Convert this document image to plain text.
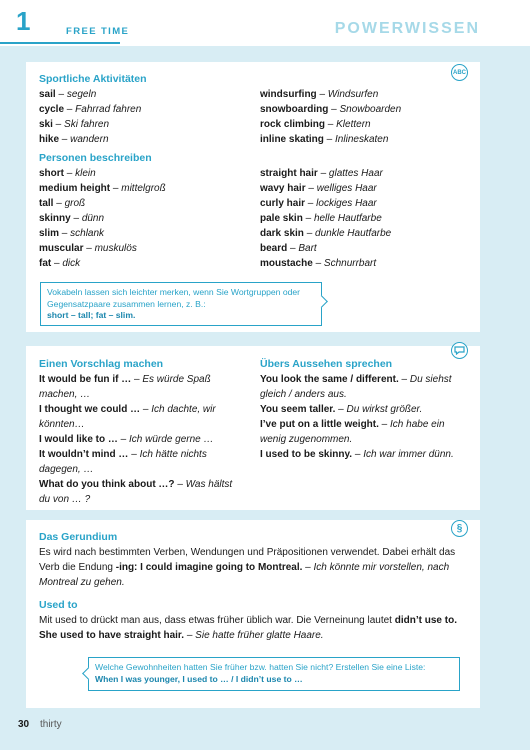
1	FREE TIME	POWERWISSEN
ABC
Sportliche Aktivitäten
sail – segeln
cycle – Fahrrad fahren
ski – Ski fahren
hike – wandern
Personen beschreiben
short – klein
medium height – mittelgroß
tall – groß
skinny – dünn
slim – schlank
muscular – muskulös
fat – dick
windsurfing – Windsurfen
snowboarding – Snowboarden
rock climbing – Klettern
inline skating – Inlineskaten
straight hair – glattes Haar
wavy hair – welliges Haar
curly hair – lockiges Haar
pale skin – helle Hautfarbe
dark skin – dunkle Hautfarbe
beard – Bart
moustache – Schnurrbart
Vokabeln lassen sich leichter merken, wenn Sie Wortgruppen oder Gegensatzpaare zusammen lernen, z. B.:
short – tall; fat – slim.
Einen Vorschlag machen
It would be fun if … – Es würde Spaß machen, …
I thought we could … – Ich dachte, wir könnten…
I would like to … – Ich würde gerne …
It wouldn’t mind … – Ich hätte nichts dagegen, …
What do you think about …? – Was hältst du von … ?
Übers Aussehen sprechen
You look the same / different. – Du siehst gleich / anders aus.
You seem taller. – Du wirkst größer.
I’ve put on a little weight. – Ich habe ein wenig zugenommen.
I used to be skinny. – Ich war immer dünn.
§
Das Gerundium
Es wird nach bestimmten Verben, Wendungen und Präpositionen verwendet. Dabei erhält das Verb die Endung -ing: I could imagine going to Montreal. – Ich könnte mir vorstellen, nach Montreal zu gehen.
Used to
Mit used to drückt man aus, dass etwas früher üblich war. Die Verneinung lautet didn’t use to. She used to have straight hair. – Sie hatte früher glatte Haare.
Welche Gewohnheiten hatten Sie früher bzw. hatten Sie nicht? Erstellen Sie eine Liste:
When I was younger, I used to … / I didn’t use to …
30 thirty
